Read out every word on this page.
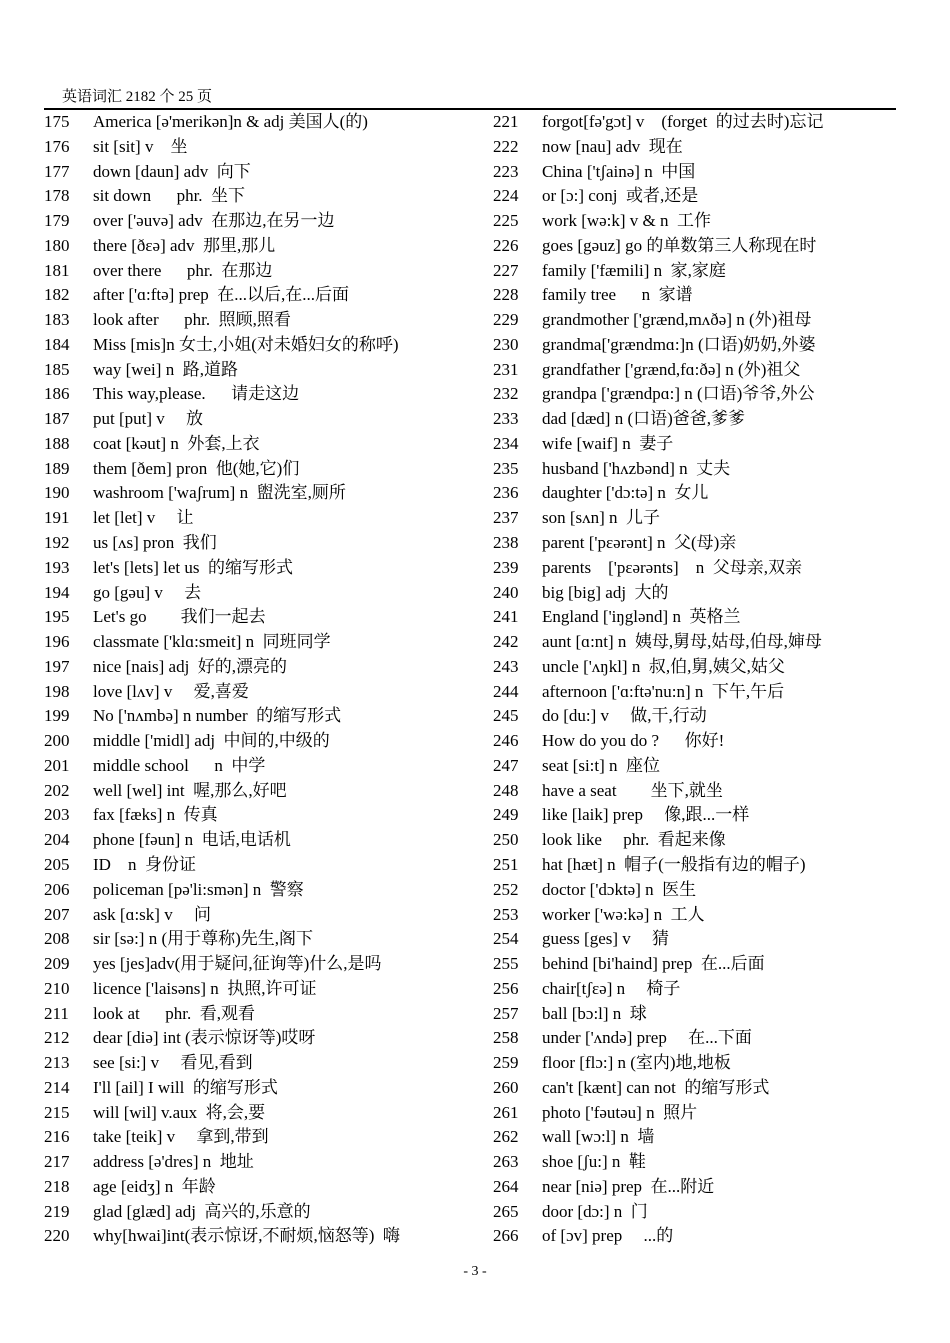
英语词汇 2182 个 25 页
175	America [ə'merikən]n & adj 美国人(的)
176	sit [sit] v    坐
177	down [daun] adv  向下
178	sit down      phr.  坐下
179	over ['əuvə] adv  在那边,在另一边
180	there [ðεə] adv  那里,那儿
181	over there      phr.  在那边
182	after ['ɑ:ftə] prep  在...以后,在...后面
183	look after      phr.  照顾,照看
184	Miss [mis]n 女士,小姐(对未婚妇女的称呼)
185	way [wei] n  路,道路
186	This way,please.      请走这边
187	put [put] v     放
188	coat [kəut] n  外套,上衣
189	them [ðem] pron  他(她,它)们
190	washroom ['waʃrum] n  盥洗室,厕所
191	let [let] v     让
192	us [ʌs] pron  我们
193	let's [lets] let us  的缩写形式
194	go [gəu] v     去
195	Let's go        我们一起去
196	classmate ['klɑ:smeit] n  同班同学
197	nice [nais] adj  好的,漂亮的
198	love [lʌv] v     爱,喜爱
199	No ['nʌmbə] n number  的缩写形式
200	middle ['midl] adj  中间的,中级的
201	middle school      n  中学
202	well [wel] int  喔,那么,好吧
203	fax [fæks] n  传真
204	phone [fəun] n  电话,电话机
205	ID    n  身份证
206	policeman [pə'li:smən] n  警察
207	ask [ɑ:sk] v     问
208	sir [sə:] n (用于尊称)先生,阁下
209	yes [jes]adv(用于疑问,征询等)什么,是吗
210	licence ['laisəns] n  执照,许可证
211	look at      phr.  看,观看
212	dear [diə] int (表示惊讶等)哎呀
213	see [si:] v     看见,看到
214	I'll [ail] I will  的缩写形式
215	will [wil] v.aux  将,会,要
216	take [teik] v     拿到,带到
217	address [ə'dres] n  地址
218	age [eidʒ] n  年龄
219	glad [glæd] adj  高兴的,乐意的
220	why[hwai]int(表示惊讶,不耐烦,恼怒等)  嗨
221	forgot[fə'gɔt] v    (forget  的过去时)忘记
222	now [nau] adv  现在
223	China ['tʃainə] n  中国
224	or [ɔ:] conj  或者,还是
225	work [wə:k] v & n  工作
226	goes [gəuz] go 的单数第三人称现在时
227	family ['fæmili] n  家,家庭
228	family tree      n  家谱
229	grandmother ['grænd,mʌðə] n (外)祖母
230	grandma['grændmɑ:]n (口语)奶奶,外婆
231	grandfather ['grænd,fɑ:ðə] n (外)祖父
232	grandpa ['grændpɑ:] n (口语)爷爷,外公
233	dad [dæd] n (口语)爸爸,爹爹
234	wife [waif] n  妻子
235	husband ['hʌzbənd] n  丈夫
236	daughter ['dɔ:tə] n  女儿
237	son [sʌn] n  儿子
238	parent ['pεərənt] n  父(母)亲
239	parents    ['pεərənts]    n  父母亲,双亲
240	big [big] adj  大的
241	England ['iŋglənd] n  英格兰
242	aunt [ɑ:nt] n  姨母,舅母,姑母,伯母,婶母
243	uncle ['ʌŋkl] n  叔,伯,舅,姨父,姑父
244	afternoon ['ɑ:ftə'nu:n] n  下午,午后
245	do [du:] v     做,干,行动
246	How do you do ?      你好!
247	seat [si:t] n  座位
248	have a seat        坐下,就坐
249	like [laik] prep     像,跟...一样
250	look like     phr.  看起来像
251	hat [hæt] n  帽子(一般指有边的帽子)
252	doctor ['dɔktə] n  医生
253	worker ['wə:kə] n  工人
254	guess [ges] v     猜
255	behind [bi'haind] prep  在...后面
256	chair[tʃεə] n     椅子
257	ball [bɔ:l] n  球
258	under ['ʌndə] prep     在...下面
259	floor [flɔ:] n (室内)地,地板
260	can't [kænt] can not  的缩写形式
261	photo ['fəutəu] n  照片
262	wall [wɔ:l] n  墙
263	shoe [ʃu:] n  鞋
264	near [niə] prep  在...附近
265	door [dɔ:] n  门
266	of [ɔv] prep     ...的
- 3 -
